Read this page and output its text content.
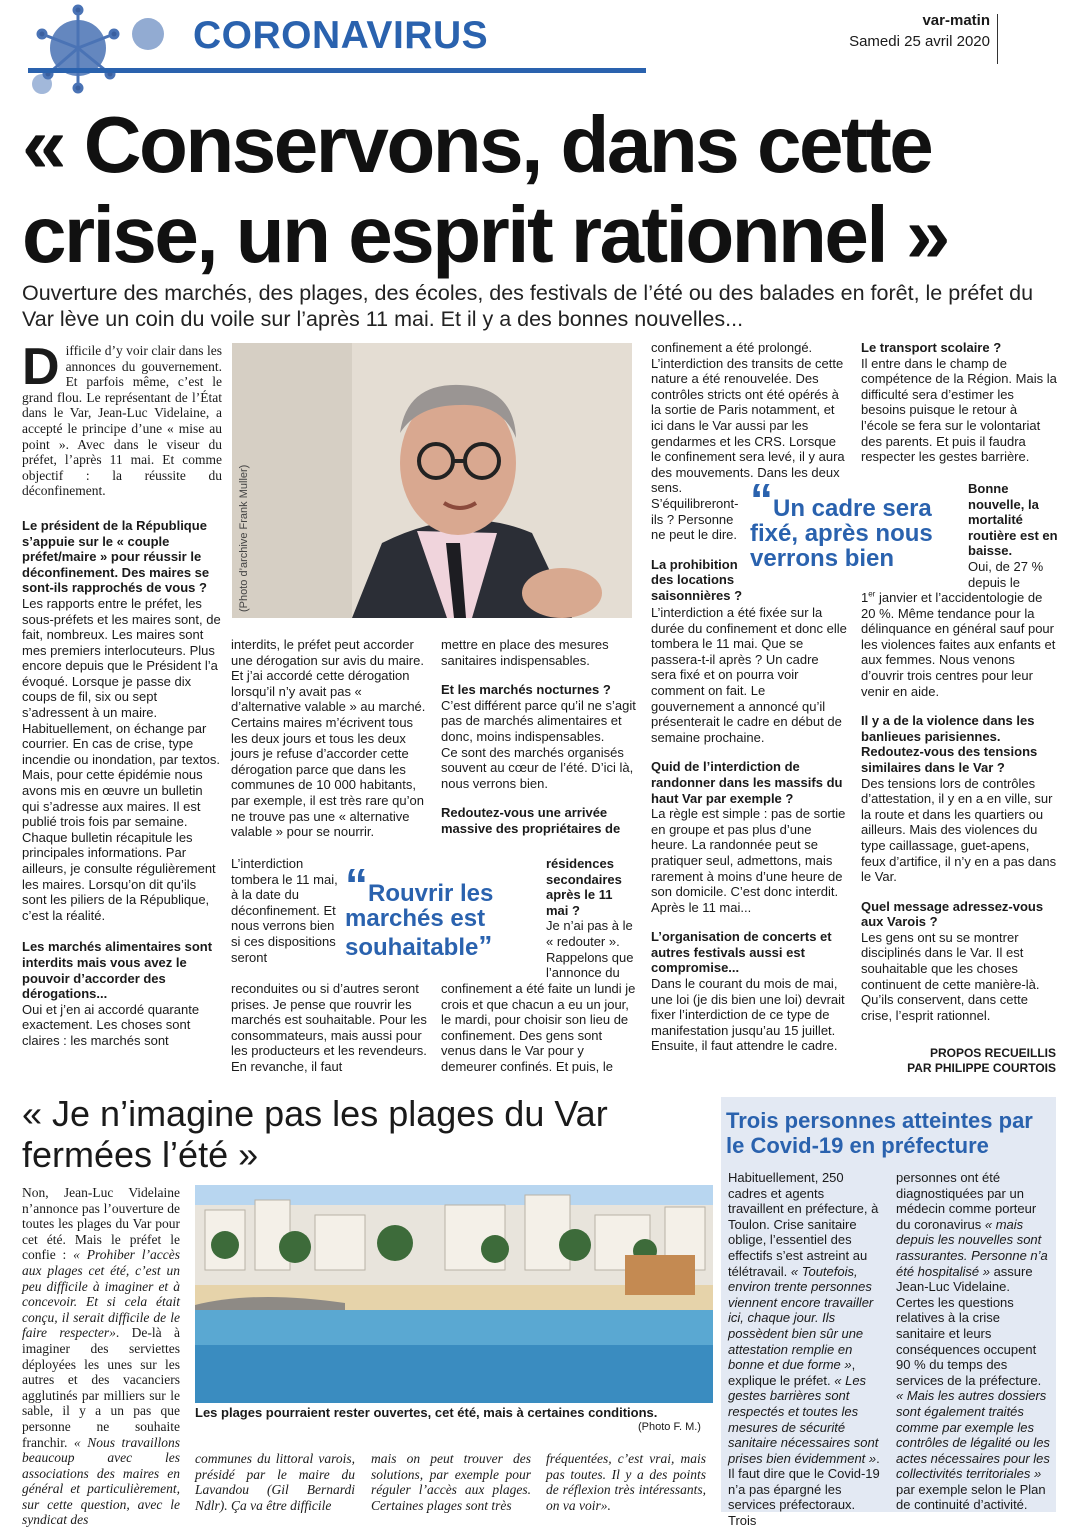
CORONAVIRUS	var-matin
Samedi 25 avril 2020
« Conservons, dans cette crise, un esprit rationnel »

Ouverture des marchés, des plages, des écoles, des festivals de l’été ou des balades en forêt, le préfet du Var lève un coin du voile sur l’après 11 mai. Et il y a des bonnes nouvelles...

(Photo d’archive Frank Muller)

Difficile d’y voir clair dans les annonces du gouvernement. Et parfois même, c’est le grand flou. Le représentant de l’État dans le Var, Jean-Luc Videlaine, a accepté le principe d’une « mise au point ». Avec dans le viseur du préfet, l’après 11 mai. Et comme objectif : la réussite du déconfinement.

Le président de la République s’appuie sur le « couple préfet/maire » pour réussir le déconfinement. Des maires se sont-ils rapprochés de vous ?

Les rapports entre le préfet, les sous-préfets et les maires sont, de fait, nombreux. Les maires sont mes premiers interlocuteurs. Plus encore depuis que le Président l’a évoqué. Lorsque je passe dix coups de fil, six ou sept s’adressent à un maire. Habituellement, on échange par courrier. En cas de crise, type incendie ou inondation, par textos. Mais, pour cette épidémie nous avons mis en œuvre un bulletin qui s’adresse aux maires. Il est publié trois fois par semaine. Chaque bulletin récapitule les principales informations. Par ailleurs, je consulte régulièrement les maires. Lorsqu’on dit qu’ils sont les piliers de la République, c’est la réalité.

Les marchés alimentaires sont interdits mais vous avez le pouvoir d’accorder des dérogations...

Oui et j’en ai accordé quarante exactement. Les choses sont claires : les marchés sont

interdits, le préfet peut accorder une dérogation sur avis du maire. Et j’ai accordé cette dérogation lorsqu’il n’y avait pas « d’alternative valable » au marché. Certains maires m’écrivent tous les deux jours et tous les deux jours je refuse d’accorder cette dérogation parce que dans les communes de 10 000 habitants, par exemple, il est très rare qu’on ne trouve pas une « alternative valable » pour se nourrir.

L’interdiction tombera le 11 mai, à la date du déconfinement. Et nous verrons bien si ces dispositions seront

reconduites ou si d’autres seront prises. Je pense que rouvrir les marchés est souhaitable. Pour les consommateurs, mais aussi pour les producteurs et les revendeurs. En revanche, il faut

“Rouvrir les marchés est souhaitable”

mettre en place des mesures sanitaires indispensables.

Et les marchés nocturnes ?

C’est différent parce qu’il ne s’agit pas de marchés alimentaires et donc, moins indispensables.
Ce sont des marchés organisés souvent au cœur de l’été. D’ici là, nous verrons bien.

Redoutez-vous une arrivée massive des propriétaires de

résidences secondaires après le 11 mai ?

Je n’ai pas à le « redouter ». Rappelons que l’annonce du

confinement a été faite un lundi je crois et que chacun a eu un jour, le mardi, pour choisir son lieu de confinement. Des gens sont venus dans le Var pour y demeurer confinés. Et puis, le

confinement a été prolongé. L’interdiction des transits de cette nature a été renouvelée. Des contrôles stricts ont été opérés à la sortie de Paris notamment, et ici dans le Var aussi par les gendarmes et les CRS. Lorsque le confinement sera levé, il y aura des mouvements. Dans les deux sens.

S’équilibreront-ils ? Personne ne peut le dire.

La prohibition des locations saisonnières ?

L’interdiction a été fixée sur la durée du confinement et donc elle tombera le 11 mai. Que se passera-t-il après ? Un cadre sera fixé et on pourra voir comment on fait. Le gouvernement a annoncé qu’il présenterait le cadre en début de semaine prochaine.

Quid de l’interdiction de randonner dans les massifs du haut Var par exemple ?

La règle est simple : pas de sortie en groupe et pas plus d’une heure. La randonnée peut se pratiquer seul, admettons, mais rarement à moins d’une heure de son domicile. C’est donc interdit. Après le 11 mai...

L’organisation de concerts et autres festivals aussi est compromise...

Dans le courant du mois de mai, une loi (je dis bien une loi) devrait fixer l’interdiction de ce type de manifestation jusqu’au 15 juillet. Ensuite, il faut attendre le cadre.

“Un cadre sera fixé, après nous verrons bien

Le transport scolaire ?

Il entre dans le champ de compétence de la Région. Mais la difficulté sera d’estimer les besoins puisque le retour à l’école se fera sur le volontariat des parents. Et puis il faudra respecter les gestes barrière.

Bonne nouvelle, la mortalité routière est en baisse.

Oui, de 27 % depuis le

1er janvier et l’accidentologie de 20 %. Même tendance pour la délinquance en général sauf pour les violences faites aux enfants et aux femmes. Nous venons d’ouvrir trois centres pour leur venir en aide.

Il y a de la violence dans les banlieues parisiennes. Redoutez-vous des tensions similaires dans le Var ?

Des tensions lors de contrôles d’attestation, il y en a en ville, sur la route et dans les quartiers ou ailleurs. Mais des violences du type caillassage, guet-apens, feux d’artifice, il n’y en a pas dans le Var.

Quel message adressez-vous aux Varois ?

Les gens ont su se montrer disciplinés dans le Var. Il est souhaitable que les choses continuent de cette manière-là. Qu’ils conservent, dans cette crise, l’esprit rationnel.

PROPOS RECUEILLIS
PAR PHILIPPE COURTOIS
« Je n’imagine pas les plages du Var fermées l’été »

Non, Jean-Luc Videlaine n’annonce pas l’ouverture de toutes les plages du Var pour cet été. Mais le préfet le confie : « Prohiber l’accès aux plages cet été, c’est un peu difficile à imaginer et à concevoir. Et si cela était conçu, il serait difficile de le faire respecter». De-là à imaginer des serviettes déployées les unes sur les autres et des vacanciers agglutinés par milliers sur le sable, il y a un pas que personne ne souhaite franchir. « Nous travaillons beaucoup avec les associations des maires en général et particulièrement, sur cette question, avec le syndicat des

Les plages pourraient rester ouvertes, cet été, mais à certaines conditions.
(Photo F. M.)

communes du littoral varois, présidé par le maire du Lavandou (Gil Bernardi Ndlr). Ça va être difficile

mais on peut trouver des solutions, par exemple pour réguler l’accès aux plages. Certaines plages sont très

fréquentées, c’est vrai, mais pas toutes. Il y a des points de réflexion très intéressants, on va voir».

Trois personnes atteintes par le Covid-19 en préfecture

Habituellement, 250 cadres et agents travaillent en préfecture, à Toulon. Crise sanitaire oblige, l’essentiel des effectifs s’est astreint au télétravail. « Toutefois, environ trente personnes viennent encore travailler ici, chaque jour. Ils possèdent bien sûr une attestation remplie en bonne et due forme », explique le préfet. « Les gestes barrières sont respectés et toutes les mesures de sécurité sanitaire nécessaires sont prises bien évidemment ». Il faut dire que le Covid-19 n’a pas épargné les services préfectoraux. Trois

personnes ont été diagnostiquées par un médecin comme porteur du coronavirus « mais depuis les nouvelles sont rassurantes. Personne n’a été hospitalisé » assure Jean-Luc Videlaine. Certes les questions relatives à la crise sanitaire et leurs conséquences occupent 90 % du temps des services de la préfecture. « Mais les autres dossiers sont également traités comme par exemple les contrôles de légalité ou les actes nécessaires pour les collectivités territoriales » par exemple selon le Plan de continuité d’activité.
